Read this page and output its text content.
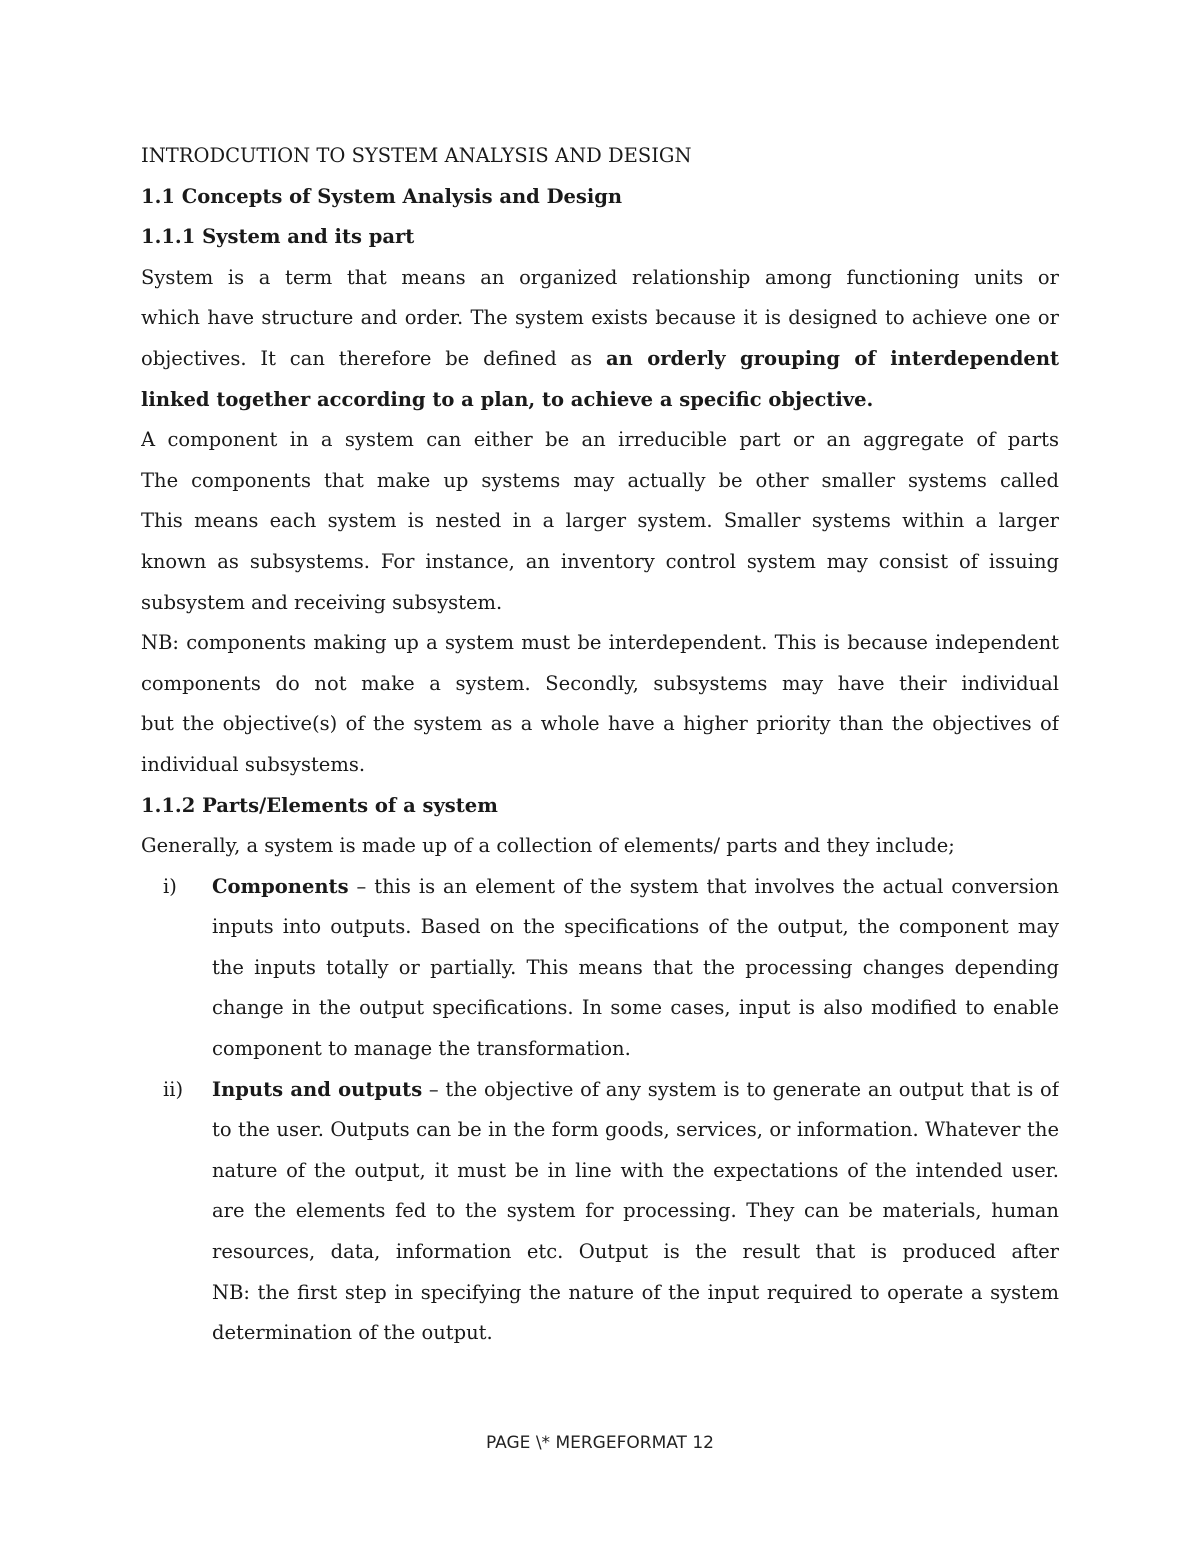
INTRODCUTION TO SYSTEM ANALYSIS AND DESIGN
1.1 Concepts of System Analysis and Design
1.1.1 System and its part
System is a term that means an organized relationship among functioning units or
which have structure and order. The system exists because it is designed to achieve one or
objectives. It can therefore be defined as an orderly grouping of interdependent
linked together according to a plan, to achieve a specific objective.
A component in a system can either be an irreducible part or an aggregate of parts
The components that make up systems may actually be other smaller systems called
This means each system is nested in a larger system. Smaller systems within a larger
known as subsystems. For instance, an inventory control system may consist of issuing
subsystem and receiving subsystem.
NB: components making up a system must be interdependent. This is because independent
components do not make a system. Secondly, subsystems may have their individual
but the objective(s) of the system as a whole have a higher priority than the objectives of
individual subsystems.
1.1.2 Parts/Elements of a system
Generally, a system is made up of a collection of elements/ parts and they include;
i) Components – this is an element of the system that involves the actual conversion
inputs into outputs. Based on the specifications of the output, the component may
the inputs totally or partially. This means that the processing changes depending
change in the output specifications. In some cases, input is also modified to enable
component to manage the transformation.
ii) Inputs and outputs – the objective of any system is to generate an output that is of
to the user. Outputs can be in the form goods, services, or information. Whatever the
nature of the output, it must be in line with the expectations of the intended user.
are the elements fed to the system for processing. They can be materials, human
resources, data, information etc. Output is the result that is produced after
NB: the first step in specifying the nature of the input required to operate a system
determination of the output.
PAGE \* MERGEFORMAT 12
